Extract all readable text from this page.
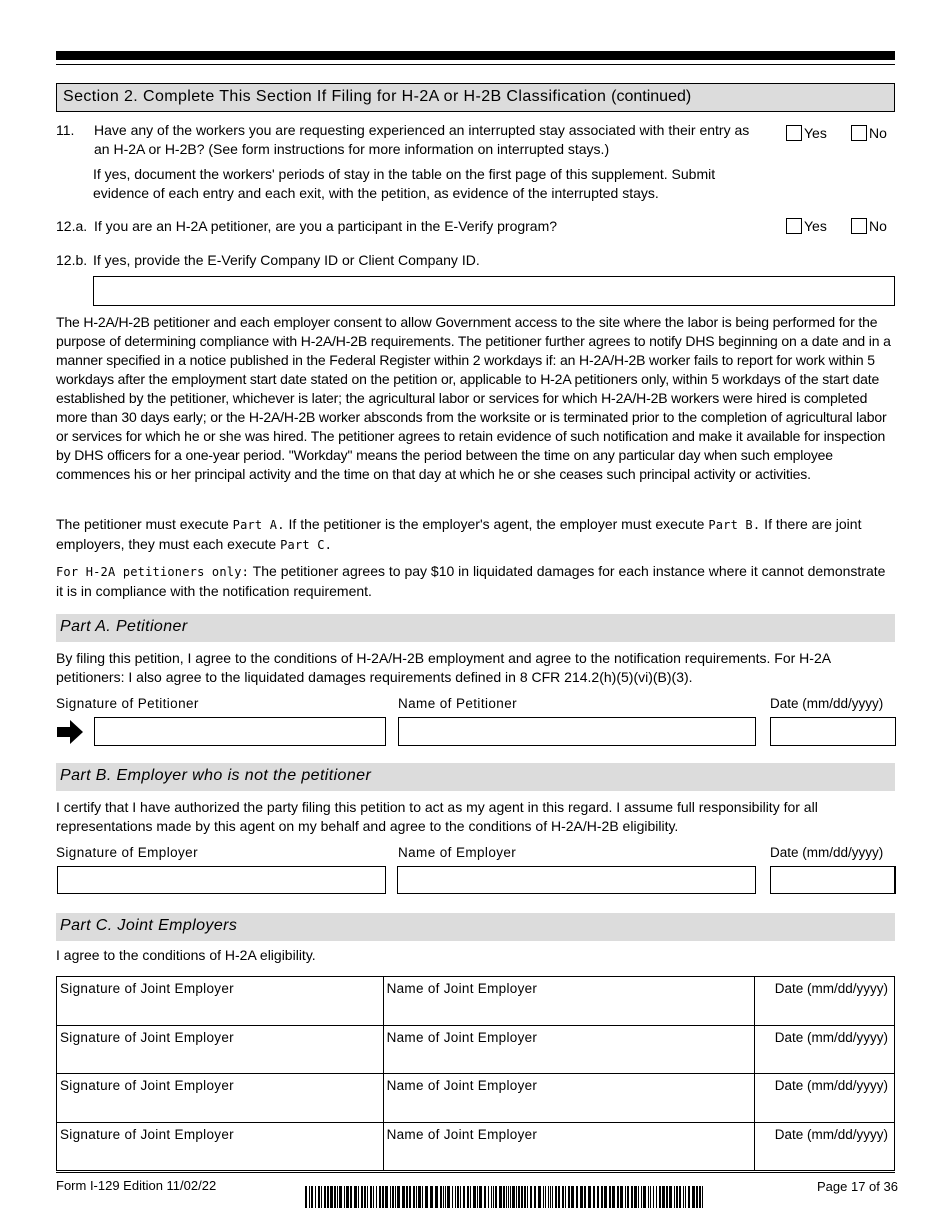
Section 2. Complete This Section If Filing for H-2A or H-2B Classification (continued)
11. Have any of the workers you are requesting experienced an interrupted stay associated with their entry as an H-2A or H-2B? (See form instructions for more information on interrupted stays.)
Yes	No
If yes, document the workers' periods of stay in the table on the first page of this supplement. Submit evidence of each entry and each exit, with the petition, as evidence of the interrupted stays.
12.a. If you are an H-2A petitioner, are you a participant in the E-Verify program?	Yes	No
12.b. If yes, provide the E-Verify Company ID or Client Company ID.
The H-2A/H-2B petitioner and each employer consent to allow Government access to the site where the labor is being performed for the purpose of determining compliance with H-2A/H-2B requirements. The petitioner further agrees to notify DHS beginning on a date and in a manner specified in a notice published in the Federal Register within 2 workdays if: an H-2A/H-2B worker fails to report for work within 5 workdays after the employment start date stated on the petition or, applicable to H-2A petitioners only, within 5 workdays of the start date established by the petitioner, whichever is later; the agricultural labor or services for which H-2A/H-2B workers were hired is completed more than 30 days early; or the H-2A/H-2B worker absconds from the worksite or is terminated prior to the completion of agricultural labor or services for which he or she was hired. The petitioner agrees to retain evidence of such notification and make it available for inspection by DHS officers for a one-year period. "Workday" means the period between the time on any particular day when such employee commences his or her principal activity and the time on that day at which he or she ceases such principal activity or activities.
The petitioner must execute Part A. If the petitioner is the employer's agent, the employer must execute Part B. If there are joint employers, they must each execute Part C.
For H-2A petitioners only: The petitioner agrees to pay $10 in liquidated damages for each instance where it cannot demonstrate it is in compliance with the notification requirement.
Part A. Petitioner
By filing this petition, I agree to the conditions of H-2A/H-2B employment and agree to the notification requirements. For H-2A petitioners: I also agree to the liquidated damages requirements defined in 8 CFR 214.2(h)(5)(vi)(B)(3).
Signature of Petitioner	Name of Petitioner	Date (mm/dd/yyyy)
Part B. Employer who is not the petitioner
I certify that I have authorized the party filing this petition to act as my agent in this regard. I assume full responsibility for all representations made by this agent on my behalf and agree to the conditions of H-2A/H-2B eligibility.
Signature of Employer	Name of Employer	Date (mm/dd/yyyy)
Part C. Joint Employers
I agree to the conditions of H-2A eligibility.
Signature of Joint Employer	Name of Joint Employer	Date (mm/dd/yyyy)
Signature of Joint Employer	Name of Joint Employer	Date (mm/dd/yyyy)
Signature of Joint Employer	Name of Joint Employer	Date (mm/dd/yyyy)
Signature of Joint Employer	Name of Joint Employer	Date (mm/dd/yyyy)
Form I-129 Edition 11/02/22	Page 17 of 36
